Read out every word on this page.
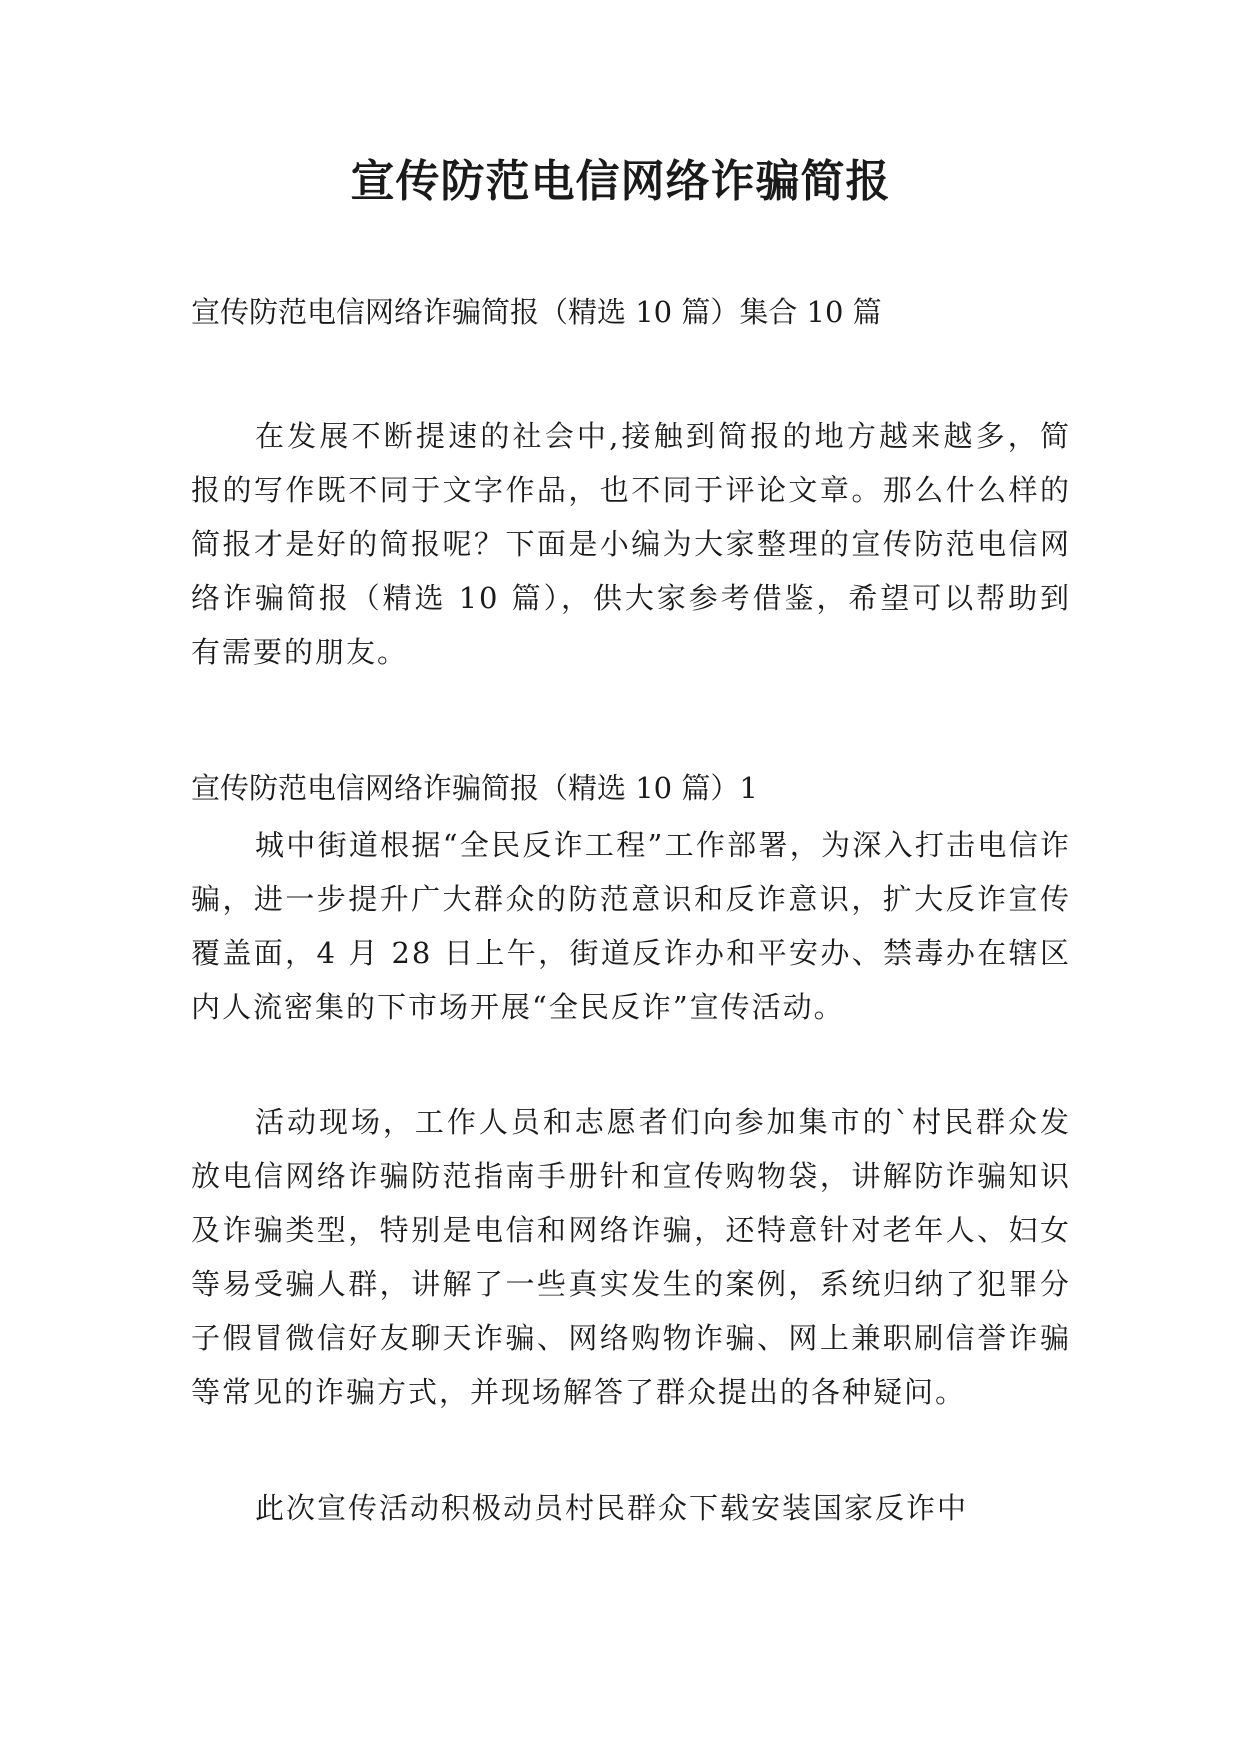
宣传防范电信网络诈骗简报

宣传防范电信网络诈骗简报（精选 10 篇）集合 10 篇

在发展不断提速的社会中,接触到简报的地方越来越多，简报的写作既不同于文字作品，也不同于评论文章。那么什么样的简报才是好的简报呢？下面是小编为大家整理的宣传防范电信网络诈骗简报（精选 10 篇），供大家参考借鉴，希望可以帮助到有需要的朋友。

宣传防范电信网络诈骗简报（精选 10 篇）1

城中街道根据“全民反诈工程”工作部署，为深入打击电信诈骗，进一步提升广大群众的防范意识和反诈意识，扩大反诈宣传覆盖面，4 月 28 日上午，街道反诈办和平安办、禁毒办在辖区内人流密集的下市场开展“全民反诈”宣传活动。

活动现场，工作人员和志愿者们向参加集市的`村民群众发放电信网络诈骗防范指南手册针和宣传购物袋，讲解防诈骗知识及诈骗类型，特别是电信和网络诈骗，还特意针对老年人、妇女等易受骗人群，讲解了一些真实发生的案例，系统归纳了犯罪分子假冒微信好友聊天诈骗、网络购物诈骗、网上兼职刷信誉诈骗等常见的诈骗方式，并现场解答了群众提出的各种疑问。

此次宣传活动积极动员村民群众下载安装国家反诈中
